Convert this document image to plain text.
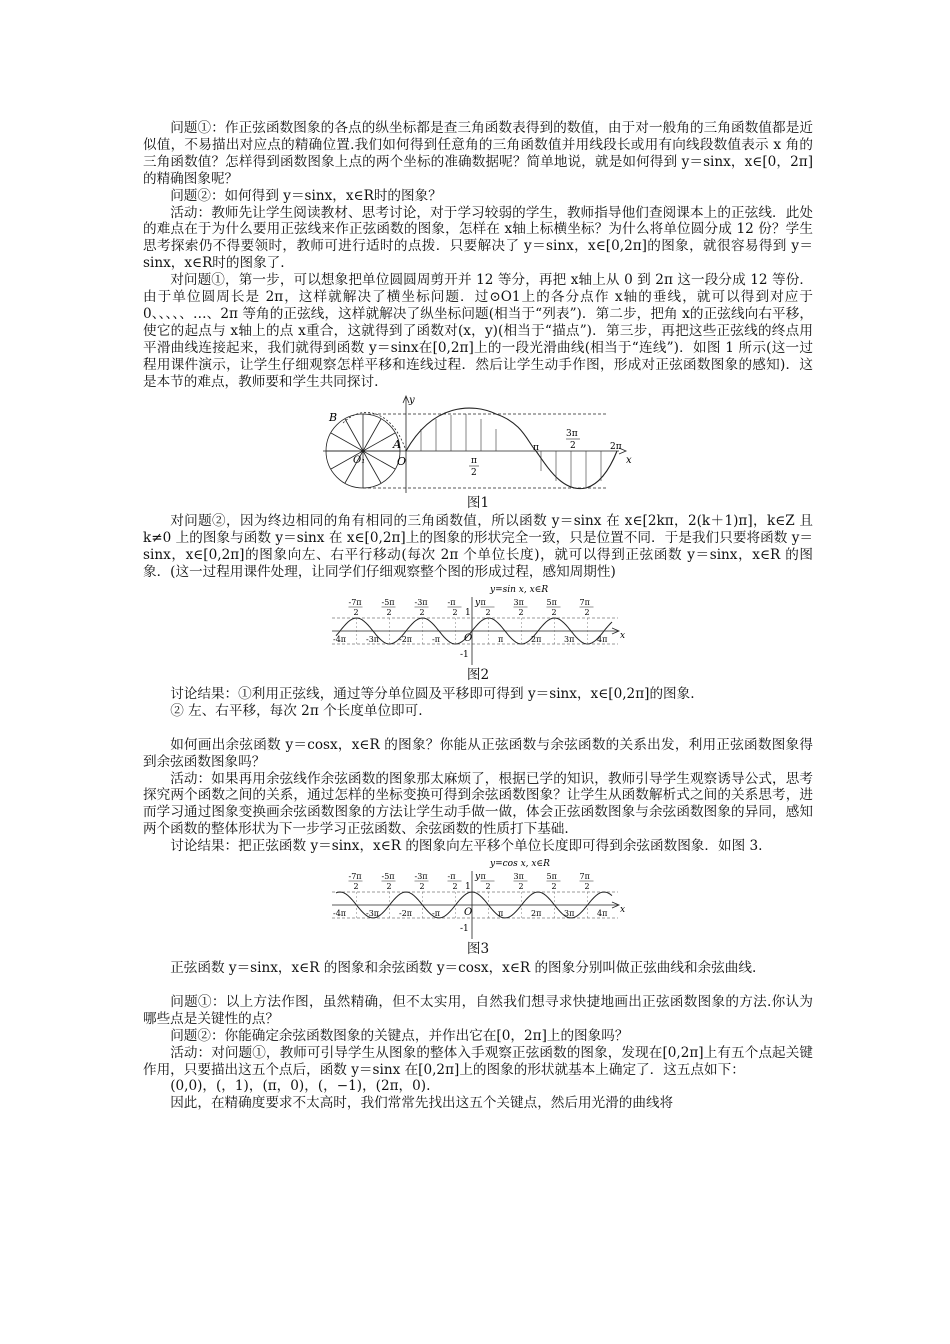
问题①：作正弦函数图象的各点的纵坐标都是查三角函数表得到的数值，由于对一般角的三角函数值都是近似值，不易描出对应点的精确位置.我们如何得到任意角的三角函数值并用线段长或用有向线段数值表示 x 角的三角函数值？怎样得到函数图象上点的两个坐标的准确数据呢？简单地说，就是如何得到 y＝sinx，x∈[0，2π]的精确图象呢？

问题②：如何得到 y＝sinx，x∈R时的图象？

活动：教师先让学生阅读教材、思考讨论，对于学习较弱的学生，教师指导他们查阅课本上的正弦线．此处的难点在于为什么要用正弦线来作正弦函数的图象，怎样在 x轴上标横坐标？为什么将单位圆分成 12 份？学生思考探索仍不得要领时，教师可进行适时的点拨．只要解决了 y＝sinx，x∈[0,2π]的图象，就很容易得到 y＝sinx，x∈R时的图象了.

对问题①，第一步，可以想象把单位圆圆周剪开并 12 等分，再把 x轴上从 0 到 2π 这一段分成 12 等份．由于单位圆周长是 2π，这样就解决了横坐标问题．过⊙O1上的各分点作 x轴的垂线，就可以得到对应于 0、、、、、…、2π 等角的正弦线，这样就解决了纵坐标问题(相当于“列表”)．第二步，把角 x的正弦线向右平移，使它的起点与 x轴上的点 x重合，这就得到了函数对(x，y)(相当于“描点”)．第三步，再把这些正弦线的终点用平滑曲线连接起来，我们就得到函数 y＝sinx在[0,2π]上的一段光滑曲线(相当于“连线”)．如图 1 所示(这一过程用课件演示，让学生仔细观察怎样平移和连线过程．然后让学生动手作图，形成对正弦函数图象的感知)．这是本节的难点，教师要和学生共同探讨.

B
A
O₁	O
y
x
π	2π
3π
2
π
2

图1

对问题②，因为终边相同的角有相同的三角函数值，所以函数 y＝sinx 在 x∈[2kπ，2(k＋1)π]，k∈Z 且 k≠0 上的图象与函数 y＝sinx 在 x∈[0,2π]上的图象的形状完全一致，只是位置不同．于是我们只要将函数 y＝sinx，x∈[0,2π]的图象向左、右平行移动(每次 2π 个单位长度)，就可以得到正弦函数 y＝sinx，x∈R 的图象．(这一过程用课件处理，让同学们仔细观察整个图的形成过程，感知周期性)

y=sin x, x∈R
-7π
2
-5π
2
-3π
2
-π
2
π
2
3π
2
5π
2
7π
2
-4π -3π -2π -π	π	2π	3π	4π
1
-1
O
y
x

图2

讨论结果：①利用正弦线，通过等分单位圆及平移即可得到 y＝sinx，x∈[0,2π]的图象.

② 左、右平移，每次 2π 个长度单位即可.

如何画出余弦函数 y＝cosx，x∈R 的图象？你能从正弦函数与余弦函数的关系出发，利用正弦函数图象得到余弦函数图象吗？

活动：如果再用余弦线作余弦函数的图象那太麻烦了，根据已学的知识，教师引导学生观察诱导公式，思考探究两个函数之间的关系，通过怎样的坐标变换可得到余弦函数图象？让学生从函数解析式之间的关系思考，进而学习通过图象变换画余弦函数图象的方法让学生动手做一做，体会正弦函数图象与余弦函数图象的异同，感知两个函数的整体形状为下一步学习正弦函数、余弦函数的性质打下基础.

讨论结果：把正弦函数 y＝sinx，x∈R 的图象向左平移个单位长度即可得到余弦函数图象．如图 3.

y=cos x, x∈R
-7π
2
-5π
2
-3π
2
-π
2
π
2
3π
2
5π
2
7π
2
-4π -3π -2π -π	π	2π	3π	4π
1
-1
O
y
x

图3

正弦函数 y＝sinx，x∈R 的图象和余弦函数 y＝cosx，x∈R 的图象分别叫做正弦曲线和余弦曲线.

问题①：以上方法作图，虽然精确，但不太实用，自然我们想寻求快捷地画出正弦函数图象的方法.你认为哪些点是关键性的点？

问题②：你能确定余弦函数图象的关键点，并作出它在[0，2π]上的图象吗？

活动：对问题①，教师可引导学生从图象的整体入手观察正弦函数的图象，发现在[0,2π]上有五个点起关键作用，只要描出这五个点后，函数 y＝sinx 在[0,2π]上的图象的形状就基本上确定了．这五点如下：

(0,0)，(，1)，(π，0)，(，−1)，(2π，0).

因此，在精确度要求不太高时，我们常常先找出这五个关键点，然后用光滑的曲线将
